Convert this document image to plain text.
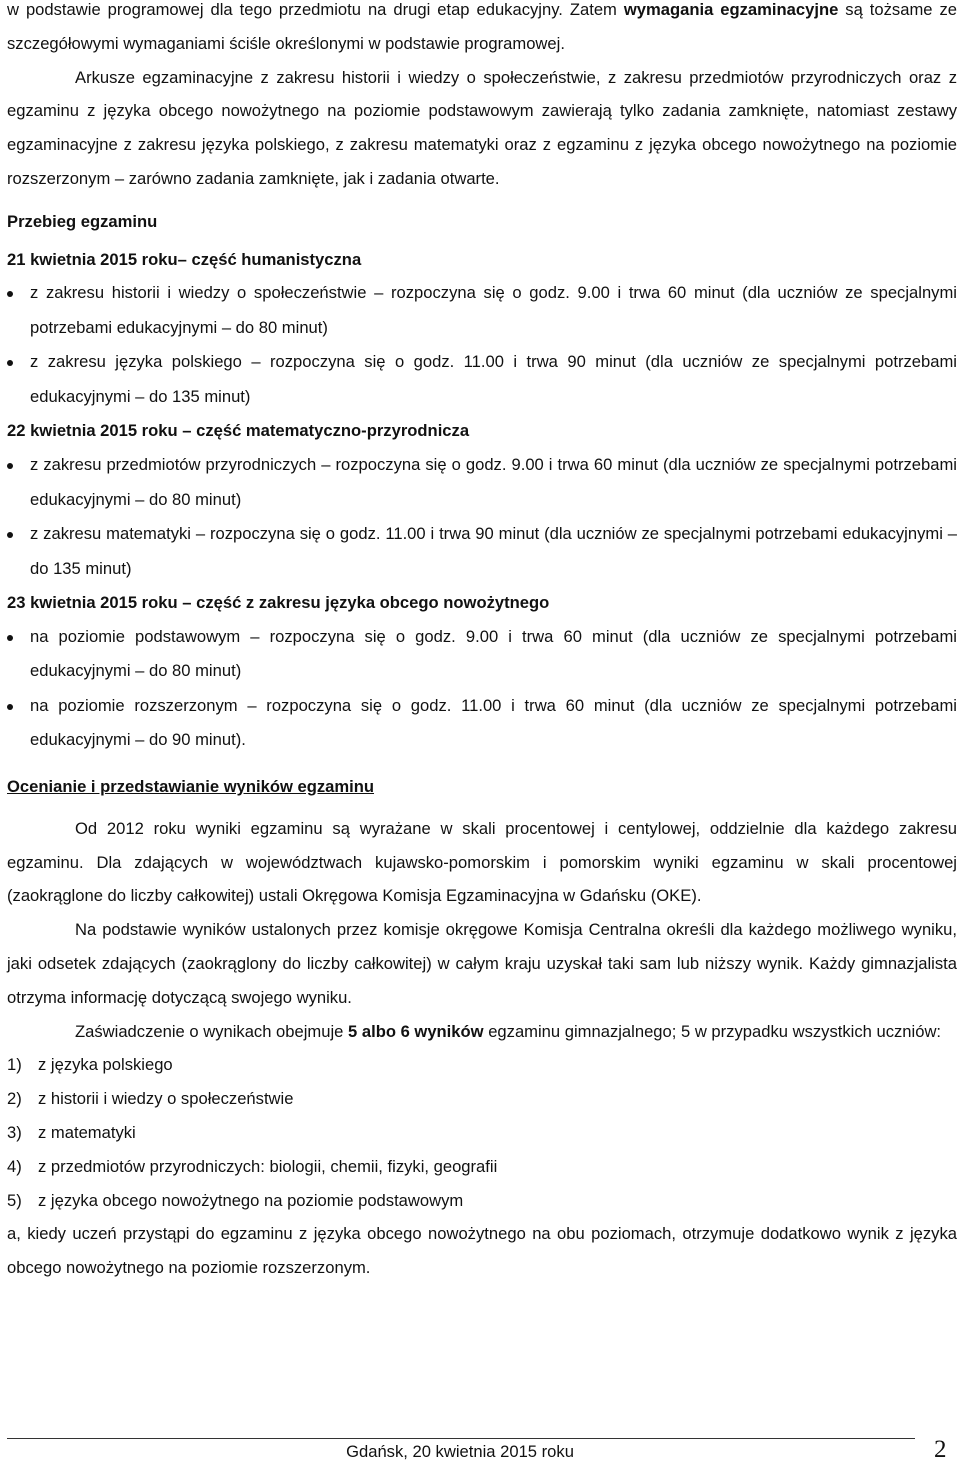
w podstawie programowej dla tego przedmiotu na drugi etap edukacyjny. Zatem wymagania egzaminacyjne są tożsame ze szczegółowymi wymaganiami ściśle określonymi w podstawie programowej.

Arkusze egzaminacyjne z zakresu historii i wiedzy o społeczeństwie, z zakresu przedmiotów przyrodniczych oraz z egzaminu z języka obcego nowożytnego na poziomie podstawowym zawierają tylko zadania zamknięte, natomiast zestawy egzaminacyjne z zakresu języka polskiego, z zakresu matematyki oraz z egzaminu z języka obcego nowożytnego na poziomie rozszerzonym – zarówno zadania zamknięte, jak i zadania otwarte.

Przebieg egzaminu

21 kwietnia 2015 roku– część humanistyczna

z zakresu historii i wiedzy o społeczeństwie – rozpoczyna się o godz. 9.00 i trwa 60 minut (dla uczniów ze specjalnymi potrzebami edukacyjnymi – do 80 minut)
z zakresu języka polskiego – rozpoczyna się o godz. 11.00 i trwa 90 minut (dla uczniów ze specjalnymi potrzebami edukacyjnymi – do 135 minut)

22 kwietnia 2015 roku – część matematyczno-przyrodnicza

z zakresu przedmiotów przyrodniczych – rozpoczyna się o godz. 9.00 i trwa 60 minut (dla uczniów ze specjalnymi potrzebami edukacyjnymi – do 80 minut)
z zakresu matematyki – rozpoczyna się o godz. 11.00 i trwa 90 minut (dla uczniów ze specjalnymi potrzebami edukacyjnymi – do 135 minut)

23 kwietnia 2015 roku – część z zakresu języka obcego nowożytnego

na poziomie podstawowym – rozpoczyna się o godz. 9.00 i trwa 60 minut (dla uczniów ze specjalnymi potrzebami edukacyjnymi – do 80 minut)
na poziomie rozszerzonym – rozpoczyna się o godz. 11.00 i trwa 60 minut (dla uczniów ze specjalnymi potrzebami edukacyjnymi – do 90 minut).

Ocenianie i przedstawianie wyników egzaminu

Od 2012 roku wyniki egzaminu są wyrażane w skali procentowej i centylowej, oddzielnie dla każdego zakresu egzaminu. Dla zdających w województwach kujawsko-pomorskim i pomorskim wyniki egzaminu w skali procentowej (zaokrąglone do liczby całkowitej) ustali Okręgowa Komisja Egzaminacyjna w Gdańsku (OKE).

Na podstawie wyników ustalonych przez komisje okręgowe Komisja Centralna określi dla każdego możliwego wyniku, jaki odsetek zdających (zaokrąglony do liczby całkowitej) w całym kraju uzyskał taki sam lub niższy wynik. Każdy gimnazjalista otrzyma informację dotyczącą swojego wyniku.

Zaświadczenie o wynikach obejmuje 5 albo 6 wyników egzaminu gimnazjalnego; 5 w przypadku wszystkich uczniów:

1) z języka polskiego
2) z historii i wiedzy o społeczeństwie
3) z matematyki
4) z przedmiotów przyrodniczych: biologii, chemii, fizyki, geografii
5) z języka obcego nowożytnego na poziomie podstawowym

a, kiedy uczeń przystąpi do egzaminu z języka obcego nowożytnego na obu poziomach, otrzymuje dodatkowo wynik z języka obcego nowożytnego na poziomie rozszerzonym.

Gdańsk, 20 kwietnia 2015 roku	2
